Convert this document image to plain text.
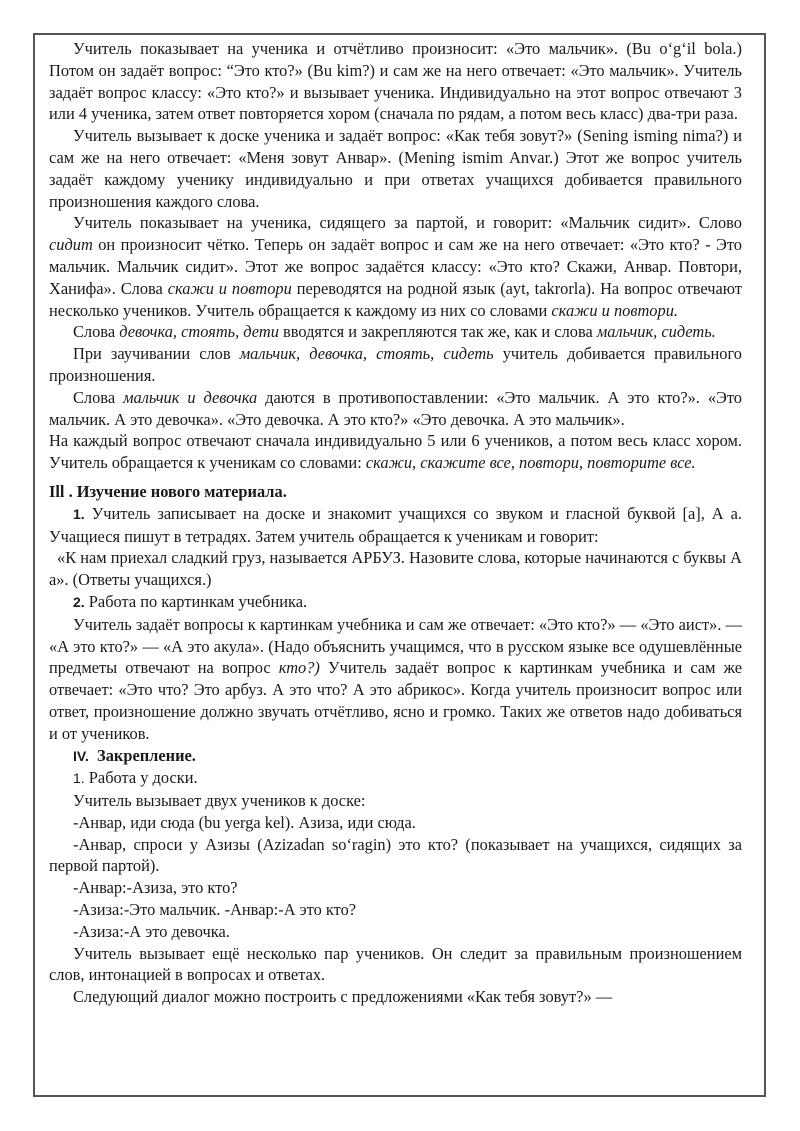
Учитель показывает на ученика и отчётливо произносит: «Это мальчик». (Bu o‘g‘il bola.) Потом он задаёт вопрос: “Это кто?» (Bu kim?) и сам же на него отвечает: «Это мальчик». Учитель задаёт вопрос классу: «Это кто?» и вызывает ученика. Индивидуально на этот вопрос отвечают 3 или 4 ученика, затем ответ повторяется хором (сначала по рядам, а потом весь класс) два-три раза.

Учитель вызывает к доске ученика и задаёт вопрос: «Как тебя зовут?» (Sening isming nima?) и сам же на него отвечает: «Меня зовут Анвар». (Mening ismim Anvar.) Этот же вопрос учитель задаёт каждому ученику индивидуально и при ответах учащихся добивается правильного произношения каждого слова.

Учитель показывает на ученика, сидящего за партой, и говорит: «Мальчик сидит». Слово сидит он произносит чётко. Теперь он задаёт вопрос и сам же на него отвечает: «Это кто? - Это мальчик. Мальчик сидит». Этот же вопрос задаётся классу: «Это кто? Скажи, Анвар. Повтори, Ханифа». Слова скажи и повтори переводятся на родной язык (ayt, takrorla). На вопрос отвечают несколько учеников. Учитель обращается к каждому из них со словами скажи и повтори.

Слова девочка, стоять, дети вводятся и закрепляются так же, как и слова мальчик, сидеть.

При заучивании слов мальчик, девочка, стоять, сидеть учитель добивается правильного произношения.

Слова мальчик и девочка даются в противопоставлении: «Это мальчик. А это кто?». «Это мальчик. А это девочка». «Это девочка. А это кто?» «Это девочка. А это мальчик».

На каждый вопрос отвечают сначала индивидуально 5 или 6 учеников, а потом весь класс хором. Учитель обращается к ученикам со словами: скажи, скажите все, повтори, повторите все.

Ill . Изучение нового материала.

1. Учитель записывает на доске и знакомит учащихся со звуком и гласной буквой [а], А а. Учащиеся пишут в тетрадях. Затем учитель обращается к ученикам и говорит:

«К нам приехал сладкий груз, называется АРБУЗ. Назовите слова, которые начинаются с буквы А а». (Ответы учащихся.)

2. Работа по картинкам учебника.

Учитель задаёт вопросы к картинкам учебника и сам же отвечает: «Это кто?» — «Это аист». — «А это кто?» — «А это акула». (Надо объяснить учащимся, что в русском языке все одушевлённые предметы отвечают на вопрос кто?) Учитель задаёт вопрос к картинкам учебника и сам же отвечает: «Это что? Это арбуз. А это что? А это абрикос». Когда учитель произносит вопрос или ответ, произношение должно звучать отчётливо, ясно и громко. Таких же ответов надо добиваться и от учеников.

IV. Закрепление.

1. Работа у доски.

Учитель вызывает двух учеников к доске:

-Анвар, иди сюда (bu yerga kel). Азиза, иди сюда.

-Анвар, спроси у Азизы (Azizadan so‘ragin) это кто? (показывает на учащихся, сидящих за первой партой).

-Анвар:-Азиза, это кто?

-Азиза:-Это мальчик. -Анвар:-А это кто?

-Азиза:-А это девочка.

Учитель вызывает ещё несколько пар учеников. Он следит за правильным произношением слов, интонацией в вопросах и ответах.

Следующий диалог можно построить с предложениями «Как тебя зовут?» —
